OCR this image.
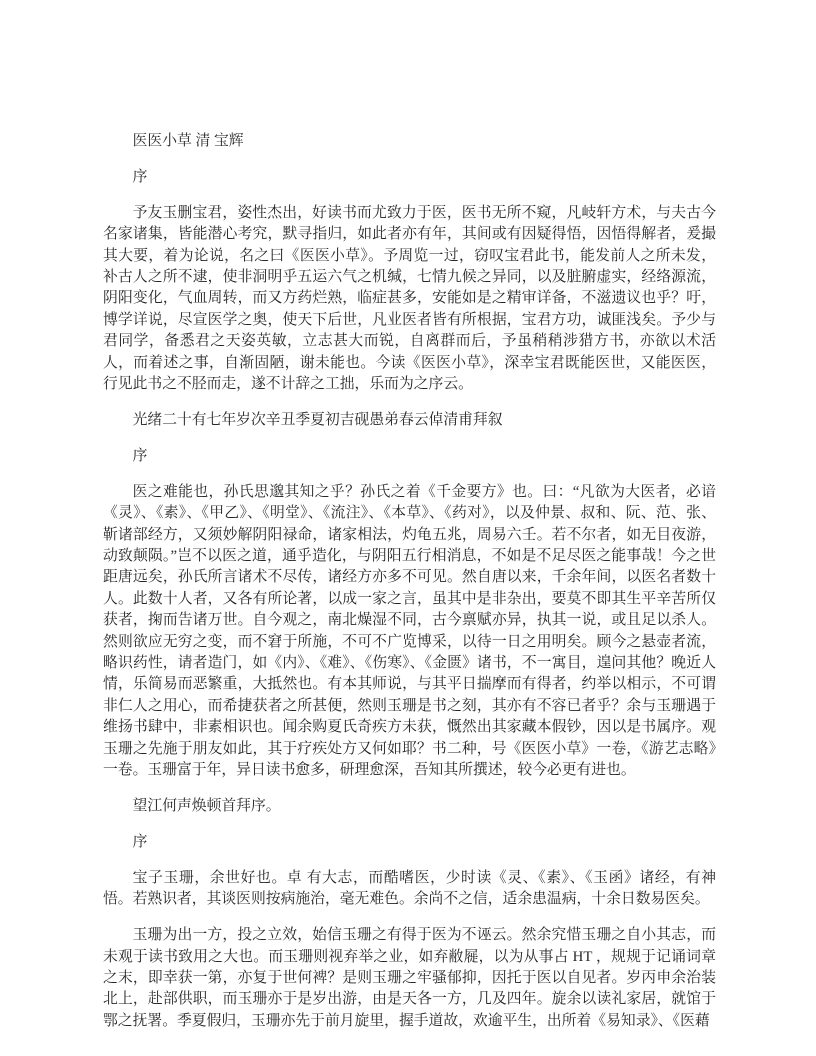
医医小草 清 宝辉

序

予友玉删宝君，姿性杰出，好读书而尤致力于医，医书无所不窥，凡岐轩方术，与夫古今名家诸集，皆能潜心考究，默寻指归，如此者亦有年，其间或有因疑得悟，因悟得解者，爰撮其大要，着为论说，名之曰《医医小草》。予周览一过，窃叹宝君此书，能发前人之所未发，补古人之所不逮，使非洞明乎五运六气之机缄，七情九候之异同，以及脏腑虚实，经络源流，阴阳变化，气血周转，而又方药烂熟，临症甚多，安能如是之精审详备，不滋遗议也乎？吁，博学详说，尽宣医学之奥，使天下后世，凡业医者皆有所根据，宝君方功，诚匪浅矣。予少与君同学，备悉君之天姿英敏，立志甚大而锐，自离群而后，予虽稍稍涉猎方书，亦欲以术活人，而着述之事，自渐固陋，谢未能也。今读《医医小草》，深幸宝君既能医世，又能医医，行见此书之不胫而走，遂不计辞之工拙，乐而为之序云。

光绪二十有七年岁次辛丑季夏初吉砚愚弟春云倬清甫拜叙

序

医之难能也，孙氏思邈其知之乎？孙氏之着《千金要方》也。曰：“凡欲为大医者，必谙《灵》、《素》、《甲乙》、《明堂》、《流注》、《本草》、《药对》，以及仲景、叔和、阮、范、张、靳诸部经方，又须妙解阴阳禄命，诸家相法，灼龟五兆，周易六壬。若不尔者，如无目夜游，动致颠陨。”岂不以医之道，通乎造化，与阴阳五行相消息，不如是不足尽医之能事哉！今之世距唐远矣，孙氏所言诸术不尽传，诸经方亦多不可见。然自唐以来，千余年间，以医名者数十人。此数十人者，又各有所论著，以成一家之言，虽其中是非杂出，要莫不即其生平辛苦所仅获者，掬而告诸万世。自今观之，南北燥湿不同，古今禀赋亦异，执其一说，或且足以杀人。然则欲应无穷之变，而不窘于所施，不可不广览博采，以待一日之用明矣。顾今之悬壶者流，略识药性，请者造门，如《内》、《难》、《伤寒》、《金匮》诸书，不一寓目，遑问其他？晚近人情，乐简易而恶繁重，大抵然也。有本其师说，与其平日揣摩而有得者，约举以相示，不可谓非仁人之用心，而希捷获者之所甚便，然则玉珊是书之刻，其亦有不容已者乎？余与玉珊遇于维扬书肆中，非素相识也。闻余购夏氏奇疾方未获，慨然出其家藏本假钞，因以是书属序。观玉珊之先施于朋友如此，其于疗疾处方又何如耶？书二种，号《医医小草》一卷，《游艺志略》一卷。玉珊富于年，异日读书愈多，研理愈深，吾知其所撰述，较今必更有进也。

望江何声焕顿首拜序。

序

宝子玉珊，余世好也。卓 有大志，而酷嗜医，少时读《灵、《素》、《玉函》诸经，有神悟。若熟识者，其谈医则按病施治，毫无难色。余尚不之信，适余患温病，十余日数易医矣。

玉珊为出一方，投之立效，始信玉珊之有得于医为不诬云。然余究惜玉珊之自小其志，而未观于读书致用之大也。而玉珊则视弃举之业，如弃敝屣，以为从事占 HT ，规规于记诵词章之末，即幸获一第，亦复于世何裨？是则玉珊之牢骚郁抑，因托于医以自见者。岁丙申余治装北上，赴部供职，而玉珊亦于是岁出游，由是天各一方，几及四年。旋余以读礼家居，就馆于鄂之抚署。季夏假归，玉珊亦先于前月旋里，握手道故，欢逾平生，出所着《易知录》、《医藉
